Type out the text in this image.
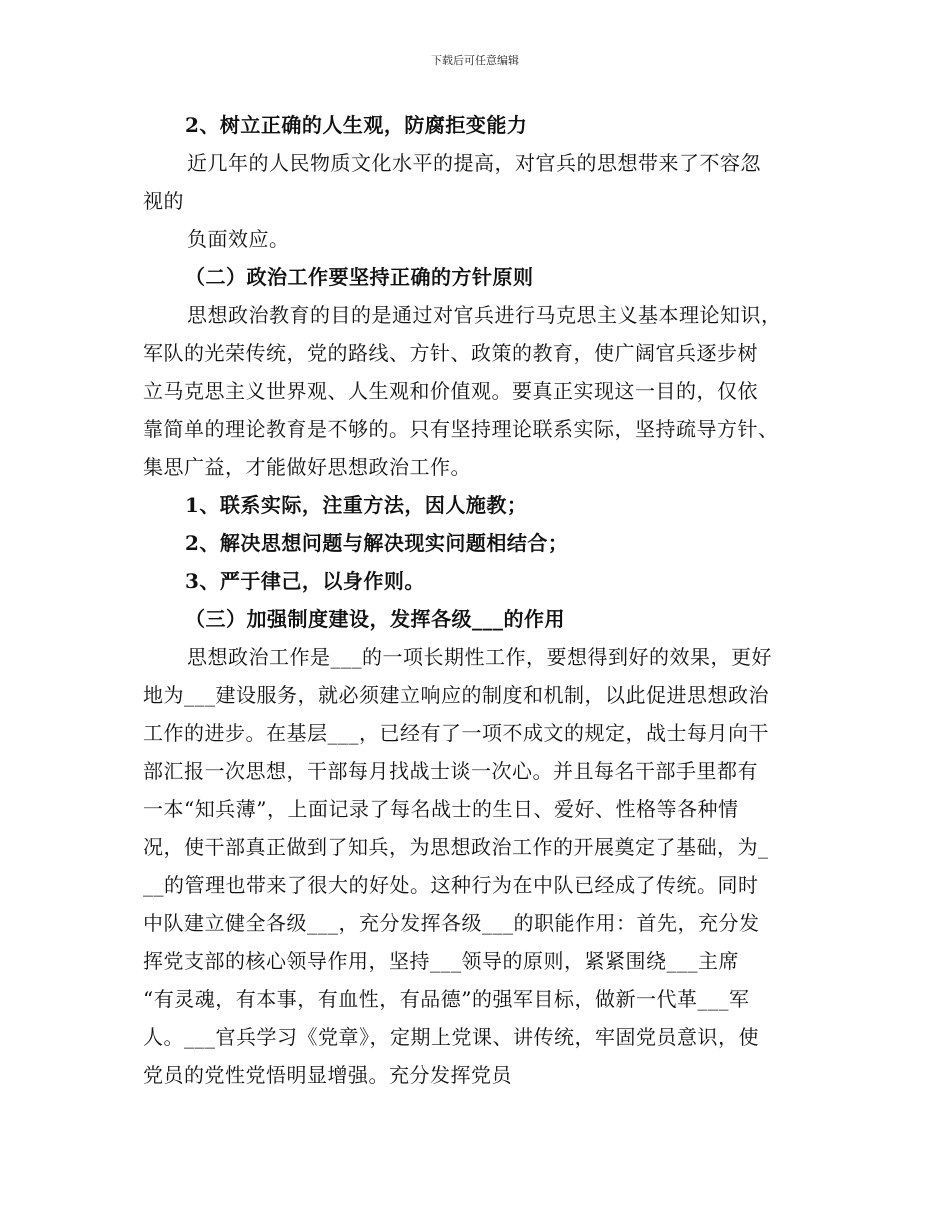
下载后可任意编辑
2、树立正确的人生观，防腐拒变能力
近几年的人民物质文化水平的提高，对官兵的思想带来了不容忽
视的
负面效应。
（二）政治工作要坚持正确的方针原则
思想政治教育的目的是通过对官兵进行马克思主义基本理论知识，
军队的光荣传统，党的路线、方针、政策的教育，使广阔官兵逐步树
立马克思主义世界观、人生观和价值观。要真正实现这一目的，仅依
靠简单的理论教育是不够的。只有坚持理论联系实际，坚持疏导方针、
集思广益，才能做好思想政治工作。
1、联系实际，注重方法，因人施教；
2、解决思想问题与解决现实问题相结合；
3、严于律己，以身作则。
（三）加强制度建设，发挥各级___的作用
思想政治工作是___的一项长期性工作，要想得到好的效果，更好
地为___建设服务，就必须建立响应的制度和机制，以此促进思想政治
工作的进步。在基层___，已经有了一项不成文的规定，战士每月向干
部汇报一次思想，干部每月找战士谈一次心。并且每名干部手里都有
一本“知兵薄”，上面记录了每名战士的生日、爱好、性格等各种情
况，使干部真正做到了知兵，为思想政治工作的开展奠定了基础，为_
__的管理也带来了很大的好处。这种行为在中队已经成了传统。同时
中队建立健全各级___，充分发挥各级___的职能作用：首先，充分发
挥党支部的核心领导作用，坚持___领导的原则，紧紧围绕___主席
“有灵魂，有本事，有血性，有品德”的强军目标，做新一代革___军
人。___官兵学习《党章》，定期上党课、讲传统，牢固党员意识，使
党员的党性党悟明显增强。充分发挥党员
